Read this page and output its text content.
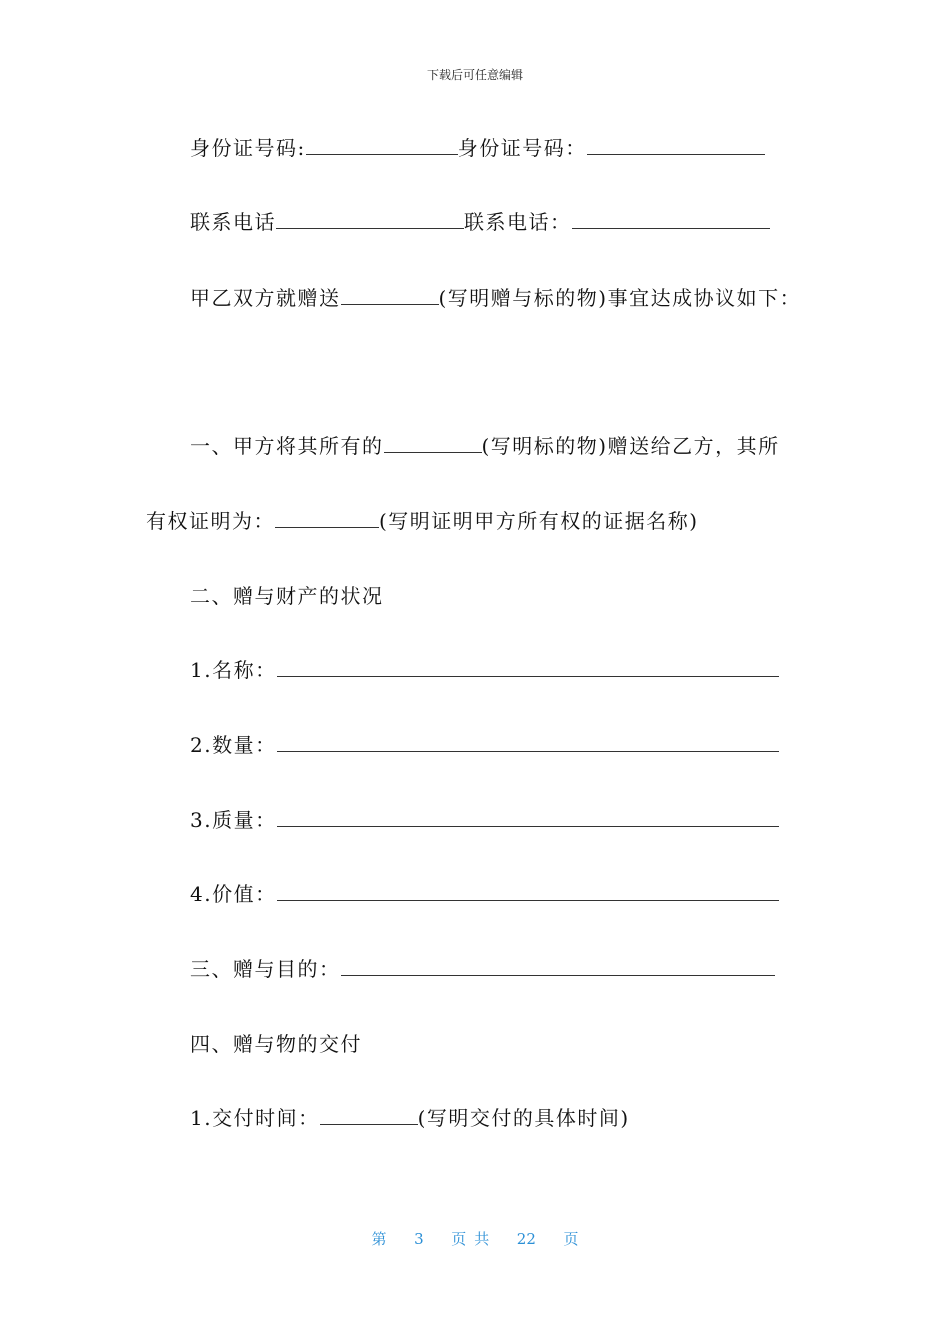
下载后可任意编辑
身份证号码:	身份证号码：
联系电话	联系电话：
甲乙双方就赠送	(写明赠与标的物)事宜达成协议如下：
一、甲方将其所有的	(写明标的物)赠送给乙方，其所
有权证明为：	(写明证明甲方所有权的证据名称)
二、赠与财产的状况
1.名称：
2.数量：
3.质量：
4.价值：
三、赠与目的：
四、赠与物的交付
1.交付时间：	(写明交付的具体时间)
第 3 页共 22 页
